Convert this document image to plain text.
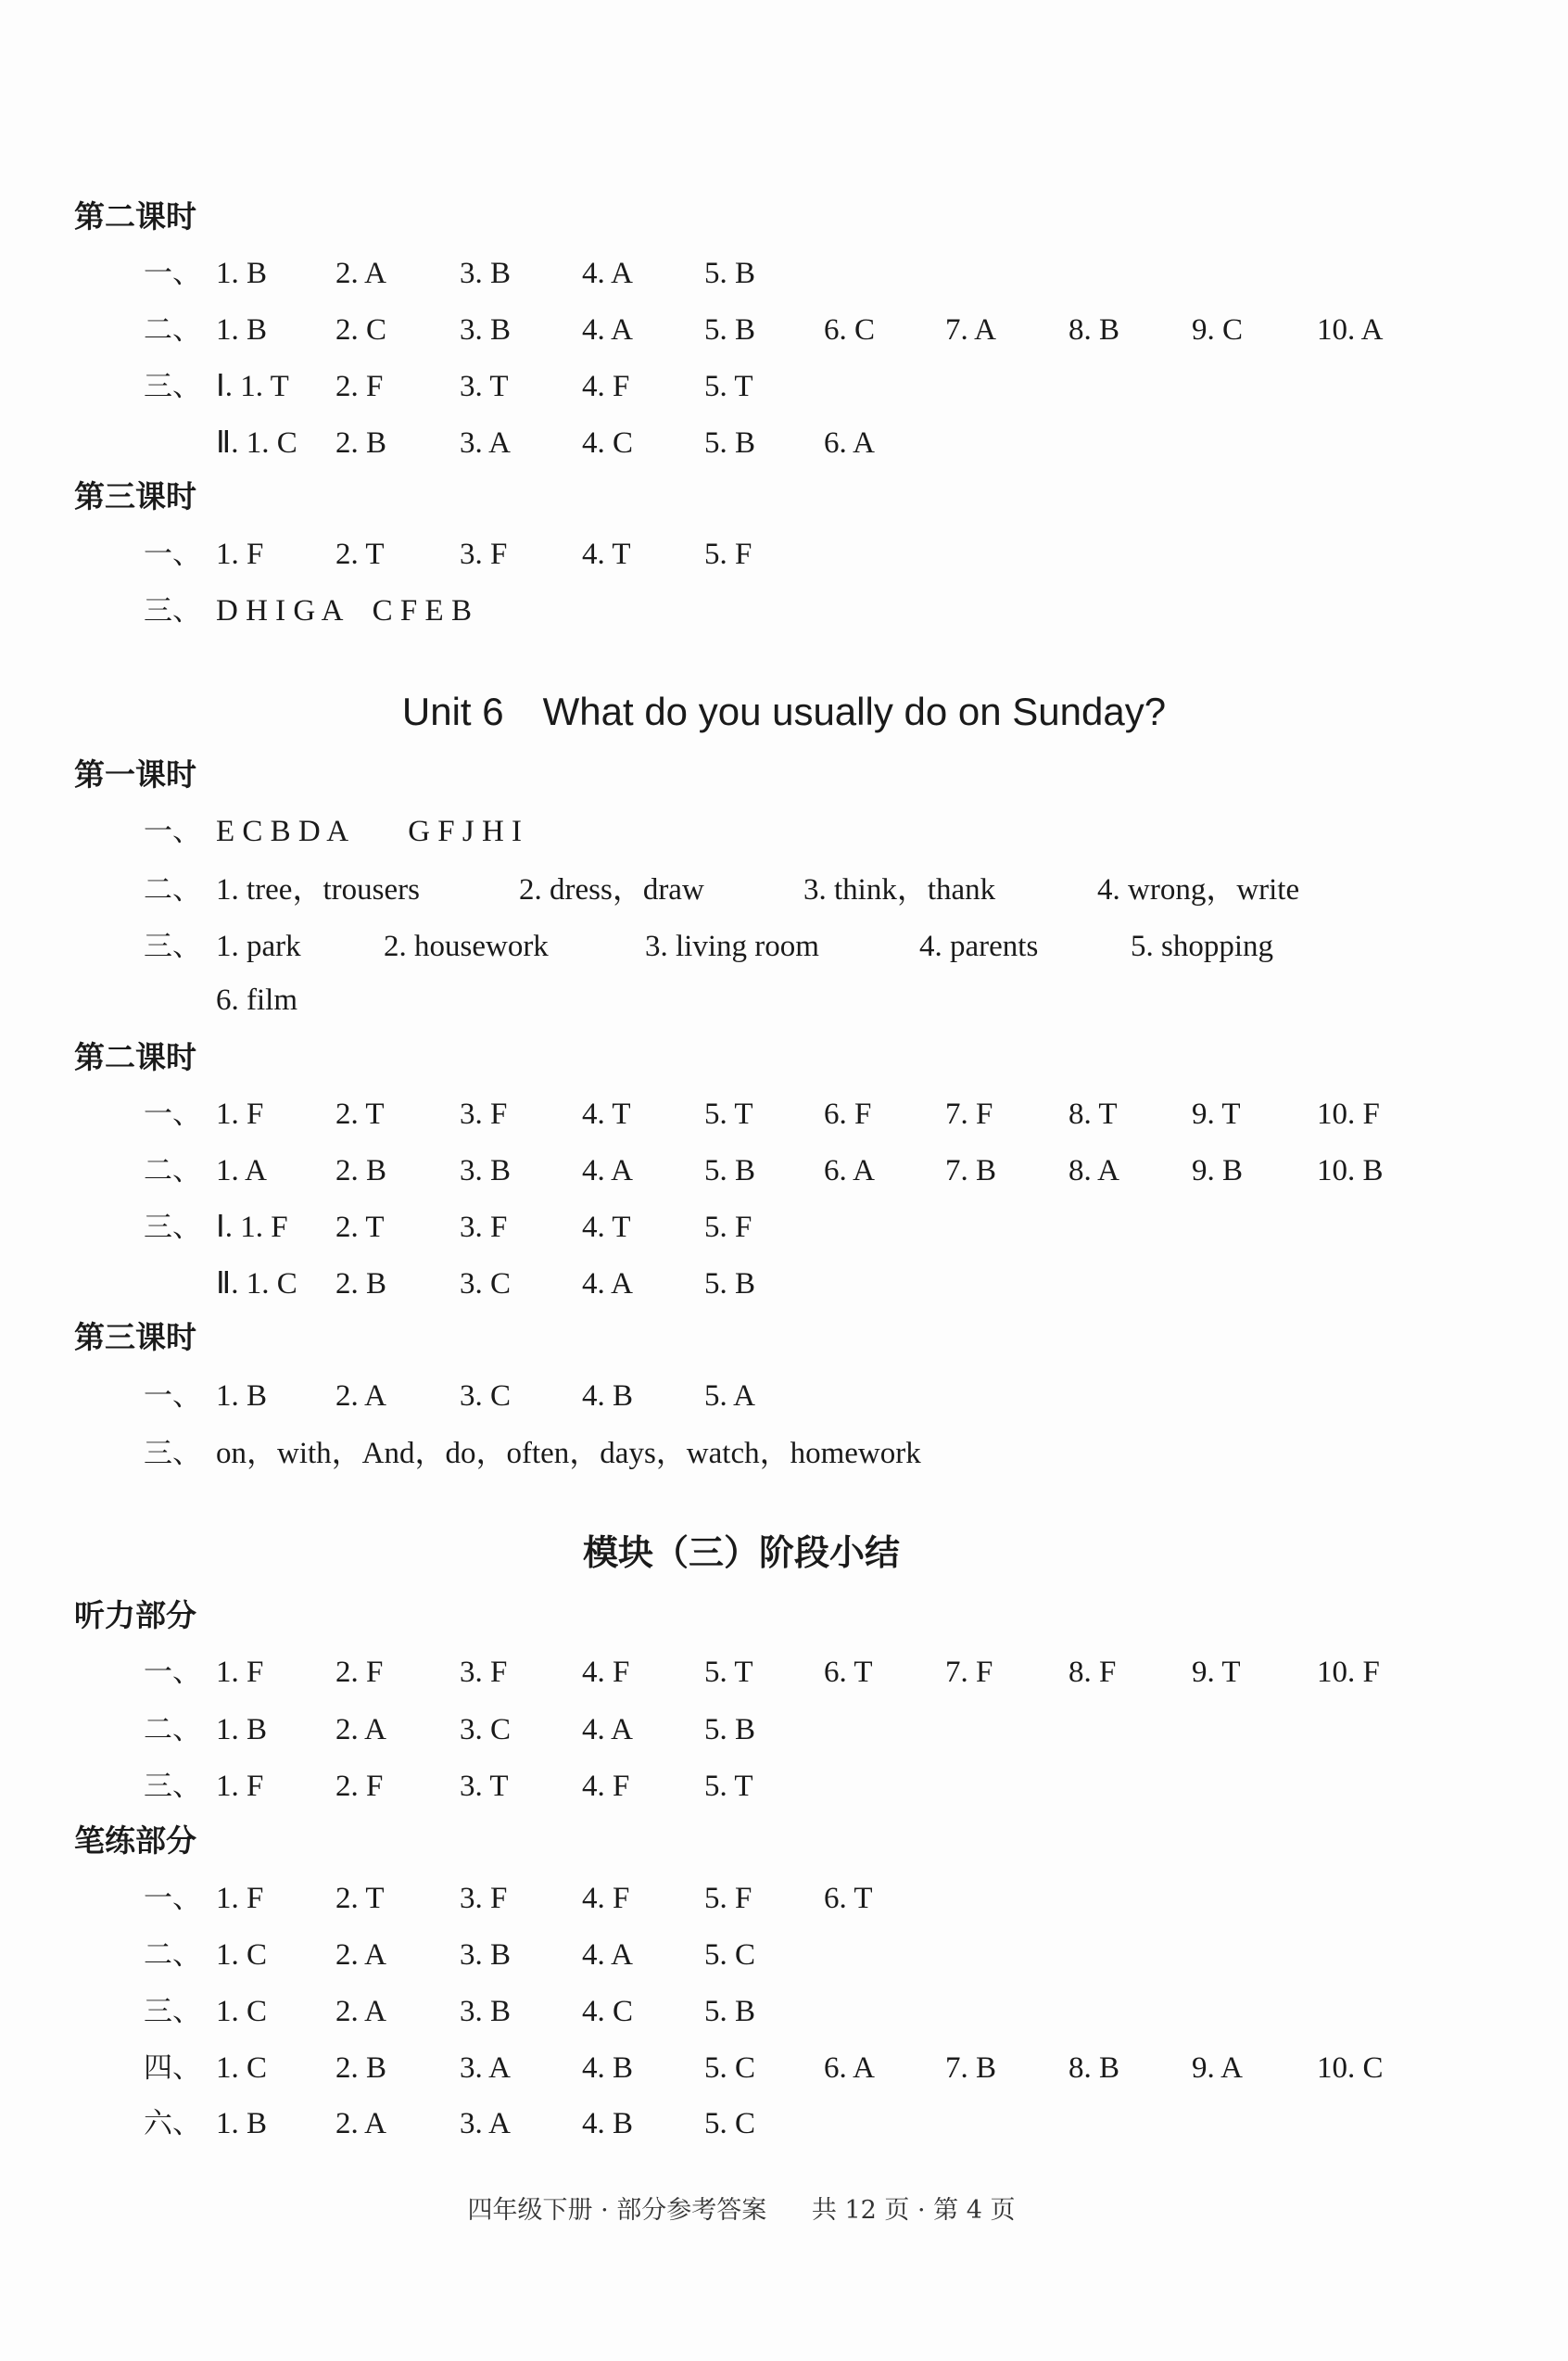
四年级下册 · 部分参考答案 共 12 页 · 第 4 页
第二课时
一、 1. B 2. A 3. B 4. A 5. B
二、 1. B 2. C 3. B 4. A 5. B 6. C 7. A 8. B 9. C 10. A
三、 Ⅰ. 1. T 2. F	3. T 4. F 5. T
Ⅱ. 1. C 2. B 3. A 4. C 5. B 6. A
第三课时
一、 1. F 2. T 3. F 4. T 5. F
三、 D H I G A　C F E B
Unit 6　What do you usually do on Sunday?
第一课时
一、 E C B D A　　G F J H I
二、 1. tree，trousers	2. dress，draw	3. think，thank	4. wrong，write
三、 1. park	2. housework	3. living room	4. parents	5. shopping
6. film
第二课时
一、 1. F 2. T 3. F 4. T 5. T 6. F 7. F 8. T 9. T 10. F
二、 1. A 2. B 3. B 4. A 5. B 6. A 7. B 8. A 9. B 10. B
三、 Ⅰ. 1. F 2. T 3. F 4. T 5. F
Ⅱ. 1. C 2. B 3. C 4. A 5. B
第三课时
一、 1. B 2. A 3. C 4. B 5. A
三、 on，with，And，do，often，days，watch，homework
模块（三）阶段小结
听力部分
一、 1. F 2. F	3. F 4. F 5. T 6. T 7. F 8. F 9. T 10. F
二、 1. B 2. A 3. C 4. A 5. B
三、 1. F 2. F	3. T 4. F 5. T
笔练部分
一、 1. F 2. T 3. F 4. F 5. F 6. T
二、 1. C 2. A 3. B 4. A 5. C
三、 1. C 2. A 3. B 4. C 5. B
四、 1. C 2. B 3. A 4. B 5. C 6. A 7. B 8. B 9. A 10. C
六、 1. B 2. A 3. A 4. B 5. C
